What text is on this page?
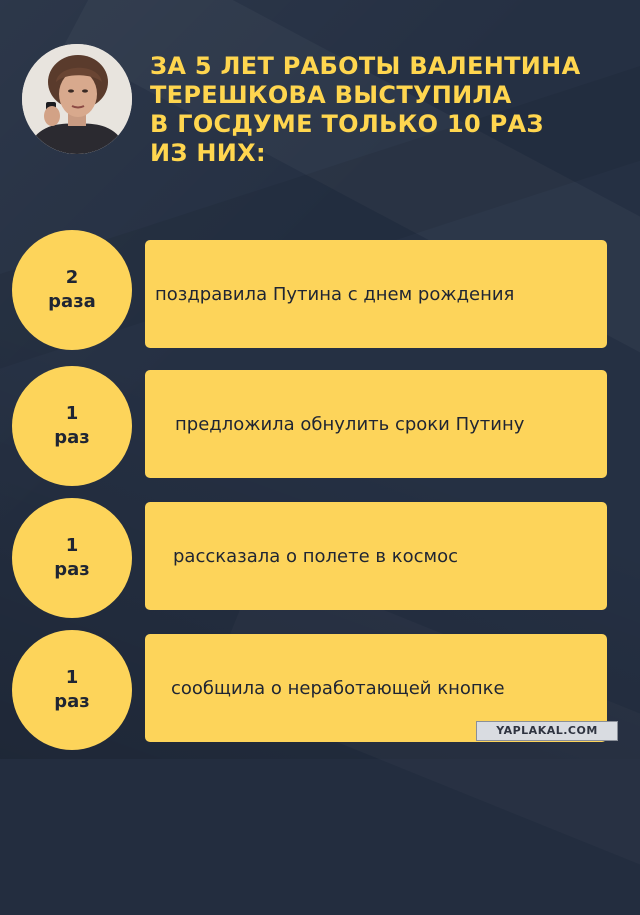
ЗА 5 ЛЕТ РАБОТЫ ВАЛЕНТИНА
ТЕРЕШКОВА ВЫСТУПИЛА
В ГОСДУМЕ ТОЛЬКО 10 РАЗ
ИЗ НИХ:
поздравила Путина с днем рождения
2
раза
предложила обнулить сроки Путину
1
раз
рассказала о полете в космос
1
раз
сообщила о неработающей кнопке
1
раз
YAPLAKAL.COM
